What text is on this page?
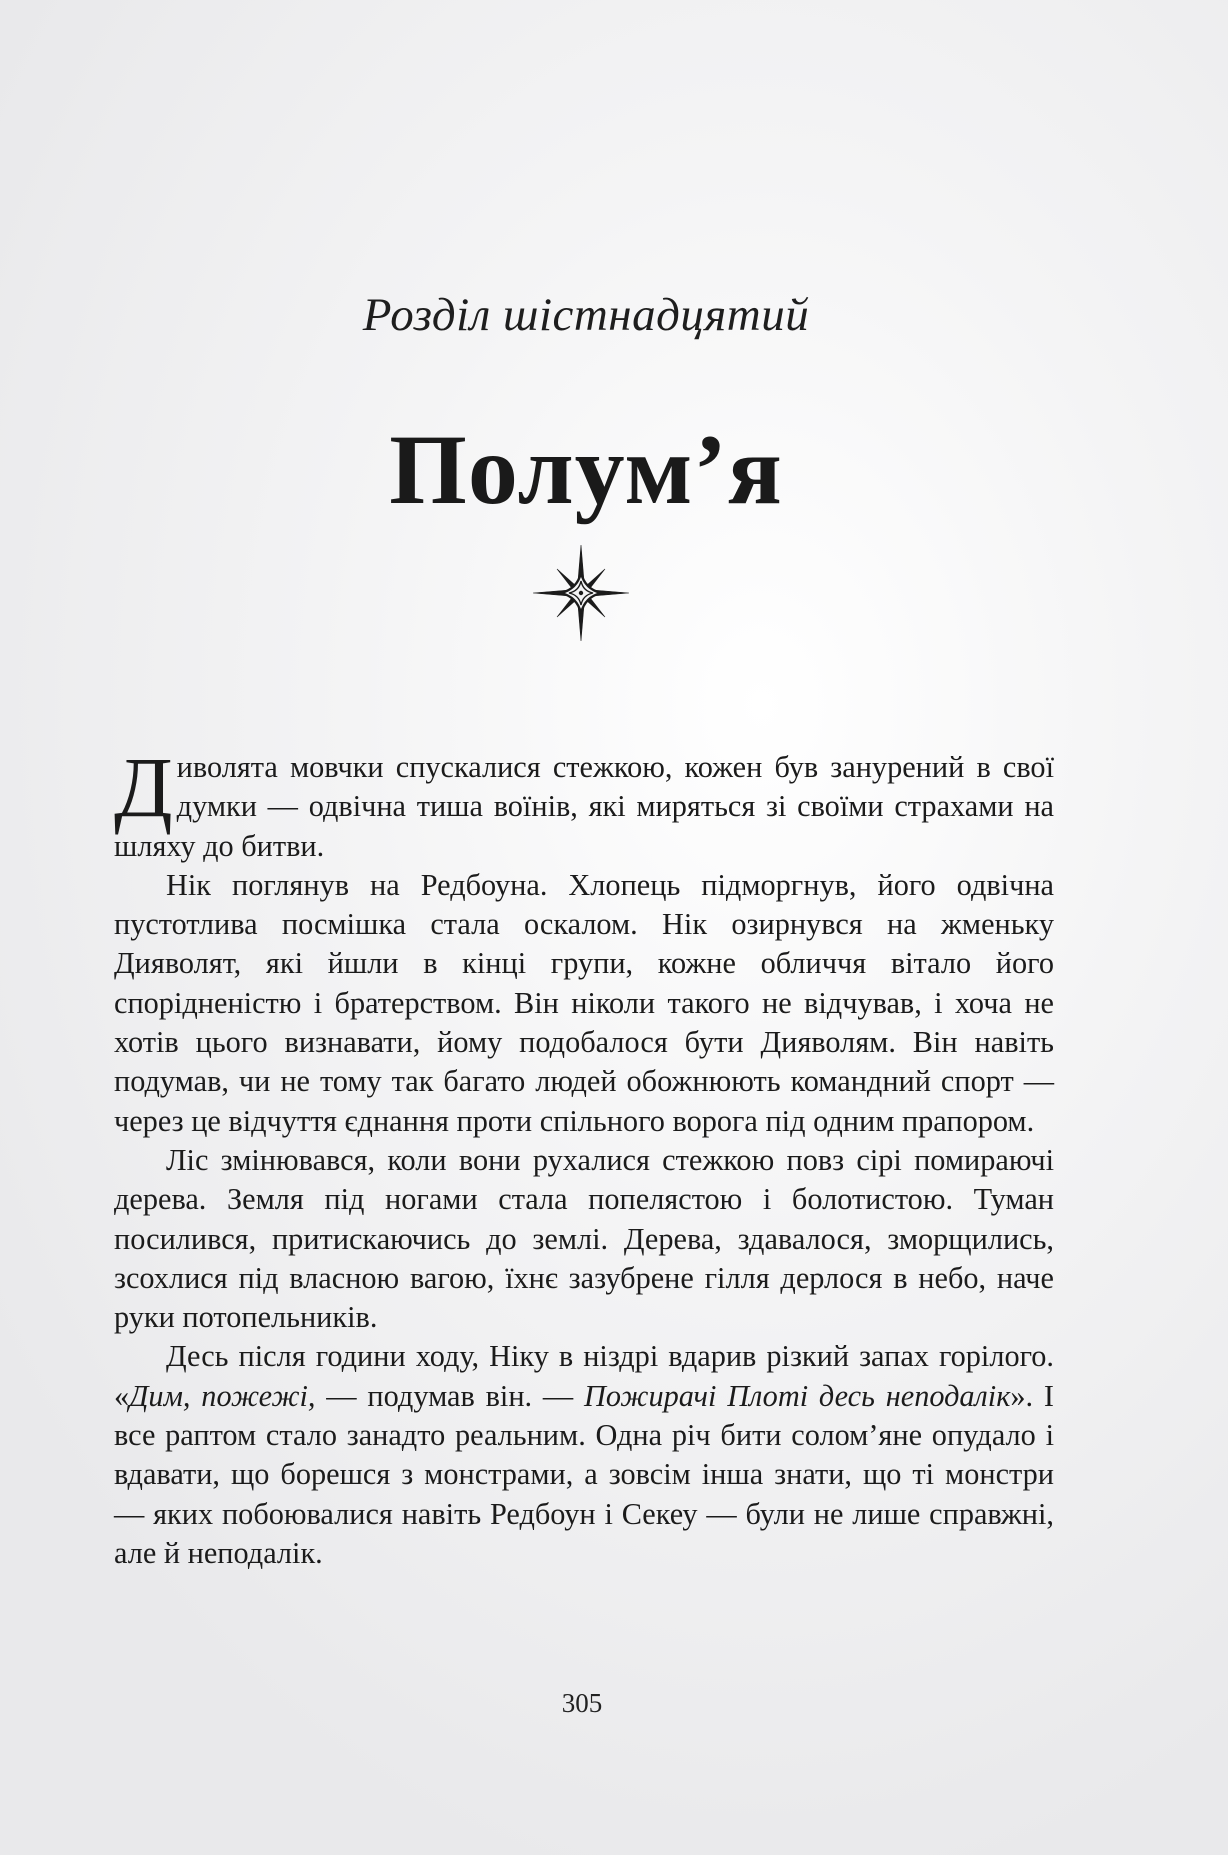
Розділ шістнадцятий
Полум’я

Диволята мовчки спускалися стежкою, кожен був занурений в свої думки — одвічна тиша воїнів, які миряться зі своїми страхами на шляху до битви.

Нік поглянув на Редбоуна. Хлопець підморгнув, його одвічна пустотлива посмішка стала оскалом. Нік озирнувся на жменьку Дияволят, які йшли в кінці групи, кожне обличчя вітало його спорідненістю і братерством. Він ніколи такого не відчував, і хоча не хотів цього визнавати, йому подобалося бути Дияволям. Він навіть подумав, чи не тому так багато людей обожнюють командний спорт — через це відчуття єднання проти спільного ворога під одним прапором.

Ліс змінювався, коли вони рухалися стежкою повз сірі помираючі дерева. Земля під ногами стала попелястою і болотистою. Туман посилився, притискаючись до землі. Дерева, здавалося, зморщились, зсохлися під власною вагою, їхнє зазубрене гілля дерлося в небо, наче руки потопельників.

Десь після години ходу, Ніку в ніздрі вдарив різкий запах горілого. «Дим, пожежі, — подумав він. — Пожирачі Плоті десь неподалік». І все раптом стало занадто реальним. Одна річ бити солом’яне опудало і вдавати, що борешся з монстрами, а зовсім інша знати, що ті монстри — яких побоювалися навіть Редбоун і Секеу — були не лише справжні, але й неподалік.

305
